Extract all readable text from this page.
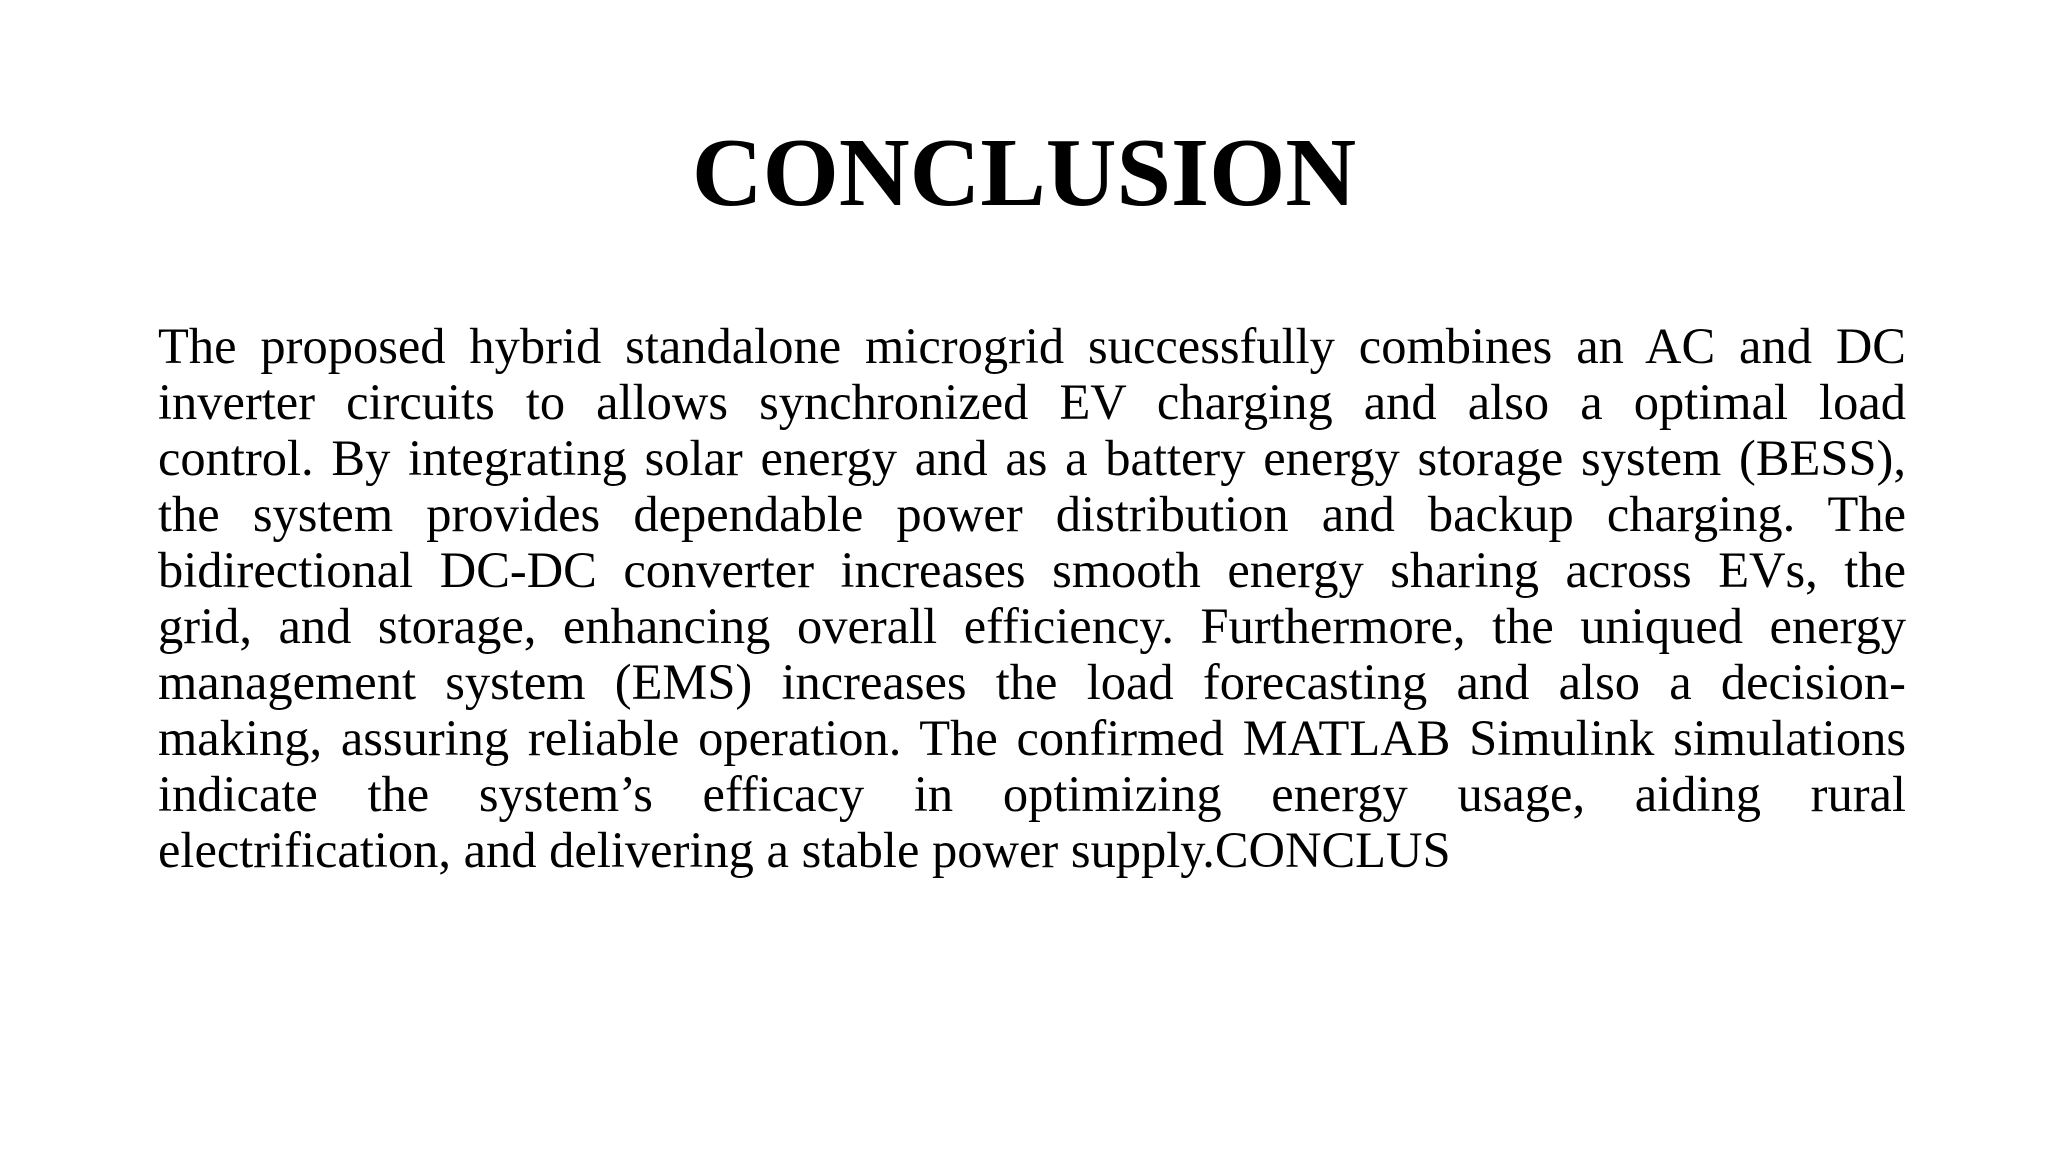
CONCLUSION
The proposed hybrid standalone microgrid successfully combines an AC and DC
inverter circuits to allows synchronized EV charging and also a optimal load
control. By integrating solar energy and as a battery energy storage system (BESS),
the system provides dependable power distribution and backup charging. The
bidirectional DC-DC converter increases smooth energy sharing across EVs, the
grid, and storage, enhancing overall efficiency. Furthermore, the uniqued energy
management system (EMS) increases the load forecasting and also a decision-
making, assuring reliable operation. The confirmed MATLAB Simulink simulations
indicate the system’s efficacy in optimizing energy usage, aiding rural
electrification, and delivering a stable power supply.CONCLUS
